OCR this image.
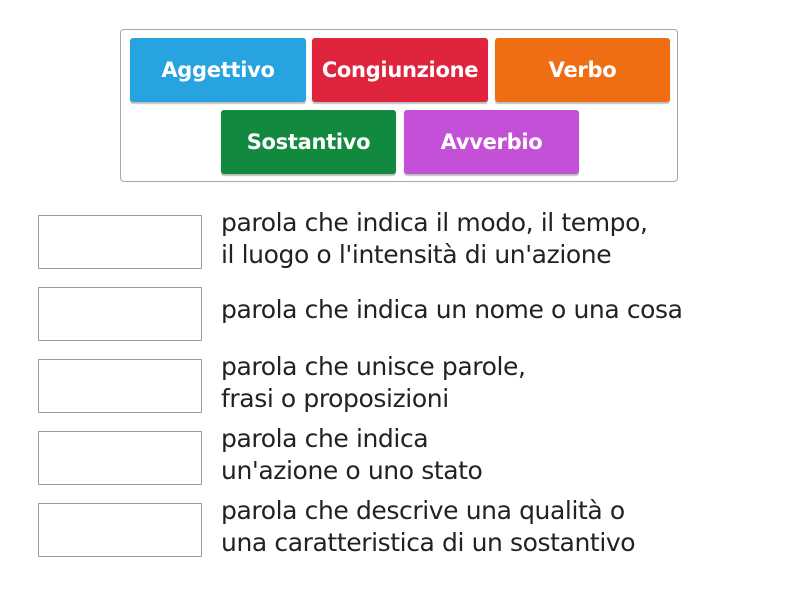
Aggettivo	Congiunzione	Verbo
Sostantivo	Avverbio
parola che indica il modo, il tempo,
il luogo o l'intensità di un'azione
parola che indica un nome o una cosa
parola che unisce parole,
frasi o proposizioni
parola che indica
un'azione o uno stato
parola che descrive una qualità o
una caratteristica di un sostantivo
